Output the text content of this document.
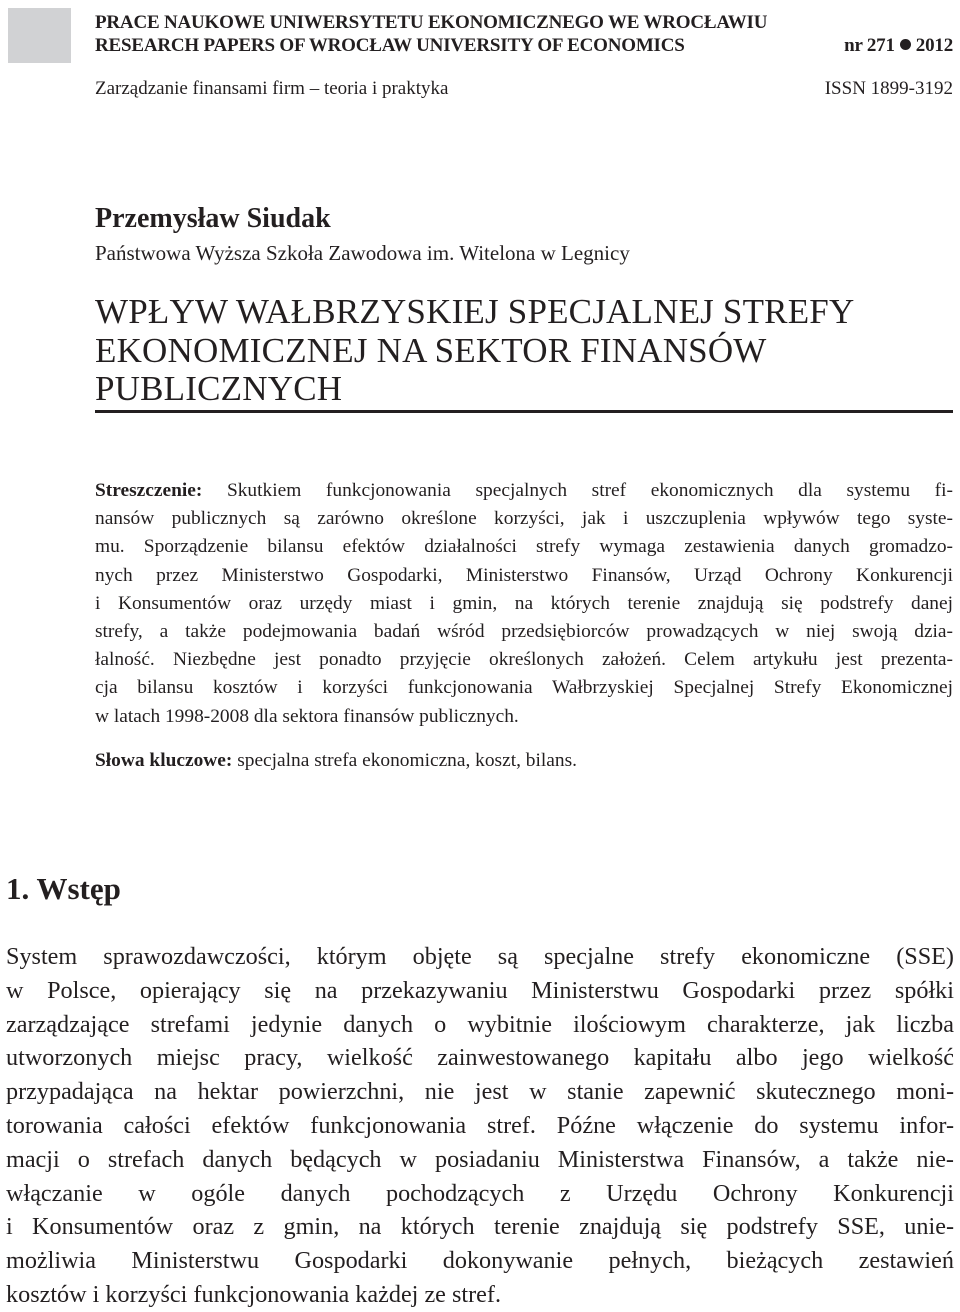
PRACE NAUKOWE UNIWERSYTETU EKONOMICZNEGO WE WROCŁAWIU
RESEARCH PAPERS OF WROCŁAW UNIVERSITY OF ECONOMICS	nr 271 2012
Zarządzanie finansami firm – teoria i praktyka	ISSN 1899-3192
Przemysław Siudak
Państwowa Wyższa Szkoła Zawodowa im. Witelona w Legnicy
WPŁYW WAŁBRZYSKIEJ SPECJALNEJ STREFY
EKONOMICZNEJ NA SEKTOR FINANSÓW
PUBLICZNYCH
Streszczenie: Skutkiem funkcjonowania specjalnych stref ekonomicznych dla systemu fi-
nansów publicznych są zarówno określone korzyści, jak i uszczuplenia wpływów tego syste-
mu. Sporządzenie bilansu efektów działalności strefy wymaga zestawienia danych gromadzo-
nych przez Ministerstwo Gospodarki, Ministerstwo Finansów, Urząd Ochrony Konkurencji
i Konsumentów oraz urzędy miast i gmin, na których terenie znajdują się podstrefy danej
strefy, a także podejmowania badań wśród przedsiębiorców prowadzących w niej swoją dzia-
łalność. Niezbędne jest ponadto przyjęcie określonych założeń. Celem artykułu jest prezenta-
cja bilansu kosztów i korzyści funkcjonowania Wałbrzyskiej Specjalnej Strefy Ekonomicznej
w latach 1998-2008 dla sektora finansów publicznych.
Słowa kluczowe: specjalna strefa ekonomiczna, koszt, bilans.
1. Wstęp
System sprawozdawczości, którym objęte są specjalne strefy ekonomiczne (SSE)
w Polsce, opierający się na przekazywaniu Ministerstwu Gospodarki przez spółki
zarządzające strefami jedynie danych o wybitnie ilościowym charakterze, jak liczba
utworzonych miejsc pracy, wielkość zainwestowanego kapitału albo jego wielkość
przypadająca na hektar powierzchni, nie jest w stanie zapewnić skutecznego moni-
torowania całości efektów funkcjonowania stref. Późne włączenie do systemu infor-
macji o strefach danych będących w posiadaniu Ministerstwa Finansów, a także nie-
włączanie w ogóle danych pochodzących z Urzędu Ochrony Konkurencji
i Konsumentów oraz z gmin, na których terenie znajdują się podstrefy SSE, unie-
możliwia Ministerstwu Gospodarki dokonywanie pełnych, bieżących zestawień
kosztów i korzyści funkcjonowania każdej ze stref.
